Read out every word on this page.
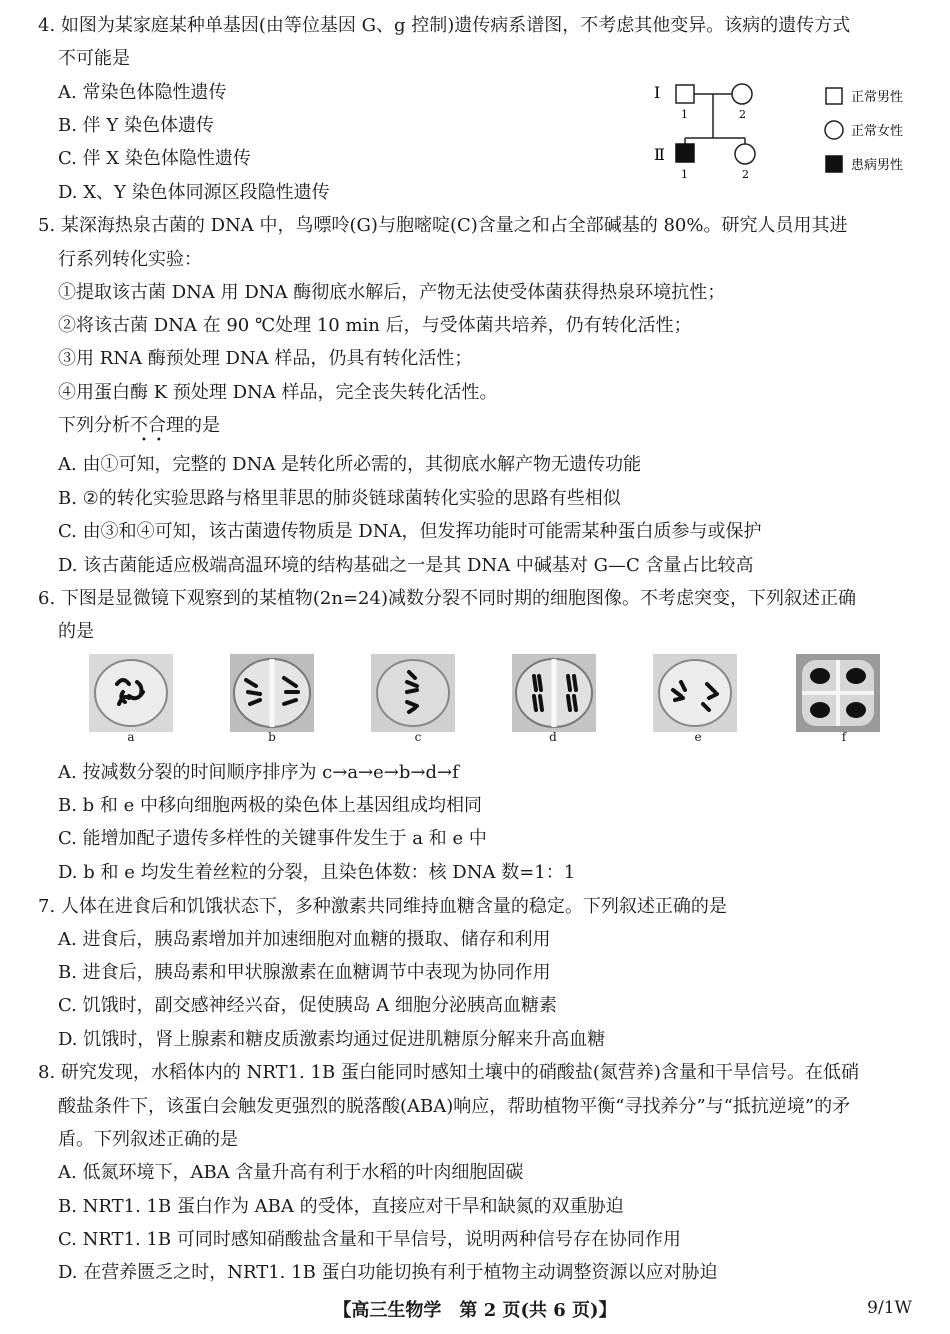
4. 如图为某家庭某种单基因(由等位基因 G、g 控制)遗传病系谱图，不考虑其他变异。该病的遗传方式
不可能是
A. 常染色体隐性遗传
B. 伴 Y 染色体遗传
C. 伴 X 染色体隐性遗传
D. X、Y 染色体同源区段隐性遗传
Ⅰ
Ⅱ
1	2
1	2
正常男性
正常女性
患病男性
5. 某深海热泉古菌的 DNA 中，鸟嘌呤(G)与胞嘧啶(C)含量之和占全部碱基的 80%。研究人员用其进
行系列转化实验：
①提取该古菌 DNA 用 DNA 酶彻底水解后，产物无法使受体菌获得热泉环境抗性；
②将该古菌 DNA 在 90 ℃处理 10 min 后，与受体菌共培养，仍有转化活性；
③用 RNA 酶预处理 DNA 样品，仍具有转化活性；
④用蛋白酶 K 预处理 DNA 样品，完全丧失转化活性。
下列分析不合理的是
••
A. 由①可知，完整的 DNA 是转化所必需的，其彻底水解产物无遗传功能
B. ②的转化实验思路与格里菲思的肺炎链球菌转化实验的思路有些相似
C. 由③和④可知，该古菌遗传物质是 DNA，但发挥功能时可能需某种蛋白质参与或保护
D. 该古菌能适应极端高温环境的结构基础之一是其 DNA 中碱基对 G—C 含量占比较高
6. 下图是显微镜下观察到的某植物(2n=24)减数分裂不同时期的细胞图像。不考虑突变，下列叙述正确
的是
a	b	c	d	e	f
A. 按减数分裂的时间顺序排序为 c→a→e→b→d→f
B. b 和 e 中移向细胞两极的染色体上基因组成均相同
C. 能增加配子遗传多样性的关键事件发生于 a 和 e 中
D. b 和 e 均发生着丝粒的分裂，且染色体数：核 DNA 数=1：1
7. 人体在进食后和饥饿状态下，多种激素共同维持血糖含量的稳定。下列叙述正确的是
A. 进食后，胰岛素增加并加速细胞对血糖的摄取、储存和利用
B. 进食后，胰岛素和甲状腺激素在血糖调节中表现为协同作用
C. 饥饿时，副交感神经兴奋，促使胰岛 A 细胞分泌胰高血糖素
D. 饥饿时，肾上腺素和糖皮质激素均通过促进肌糖原分解来升高血糖
8. 研究发现，水稻体内的 NRT1. 1B 蛋白能同时感知土壤中的硝酸盐(氮营养)含量和干旱信号。在低硝
酸盐条件下，该蛋白会触发更强烈的脱落酸(ABA)响应，帮助植物平衡“寻找养分”与“抵抗逆境”的矛
盾。下列叙述正确的是
A. 低氮环境下，ABA 含量升高有利于水稻的叶肉细胞固碳
B. NRT1. 1B 蛋白作为 ABA 的受体，直接应对干旱和缺氮的双重胁迫
C. NRT1. 1B 可同时感知硝酸盐含量和干旱信号，说明两种信号存在协同作用
D. 在营养匮乏之时，NRT1. 1B 蛋白功能切换有利于植物主动调整资源以应对胁迫
【高三生物学　第 2 页(共 6 页)】	9/1W
